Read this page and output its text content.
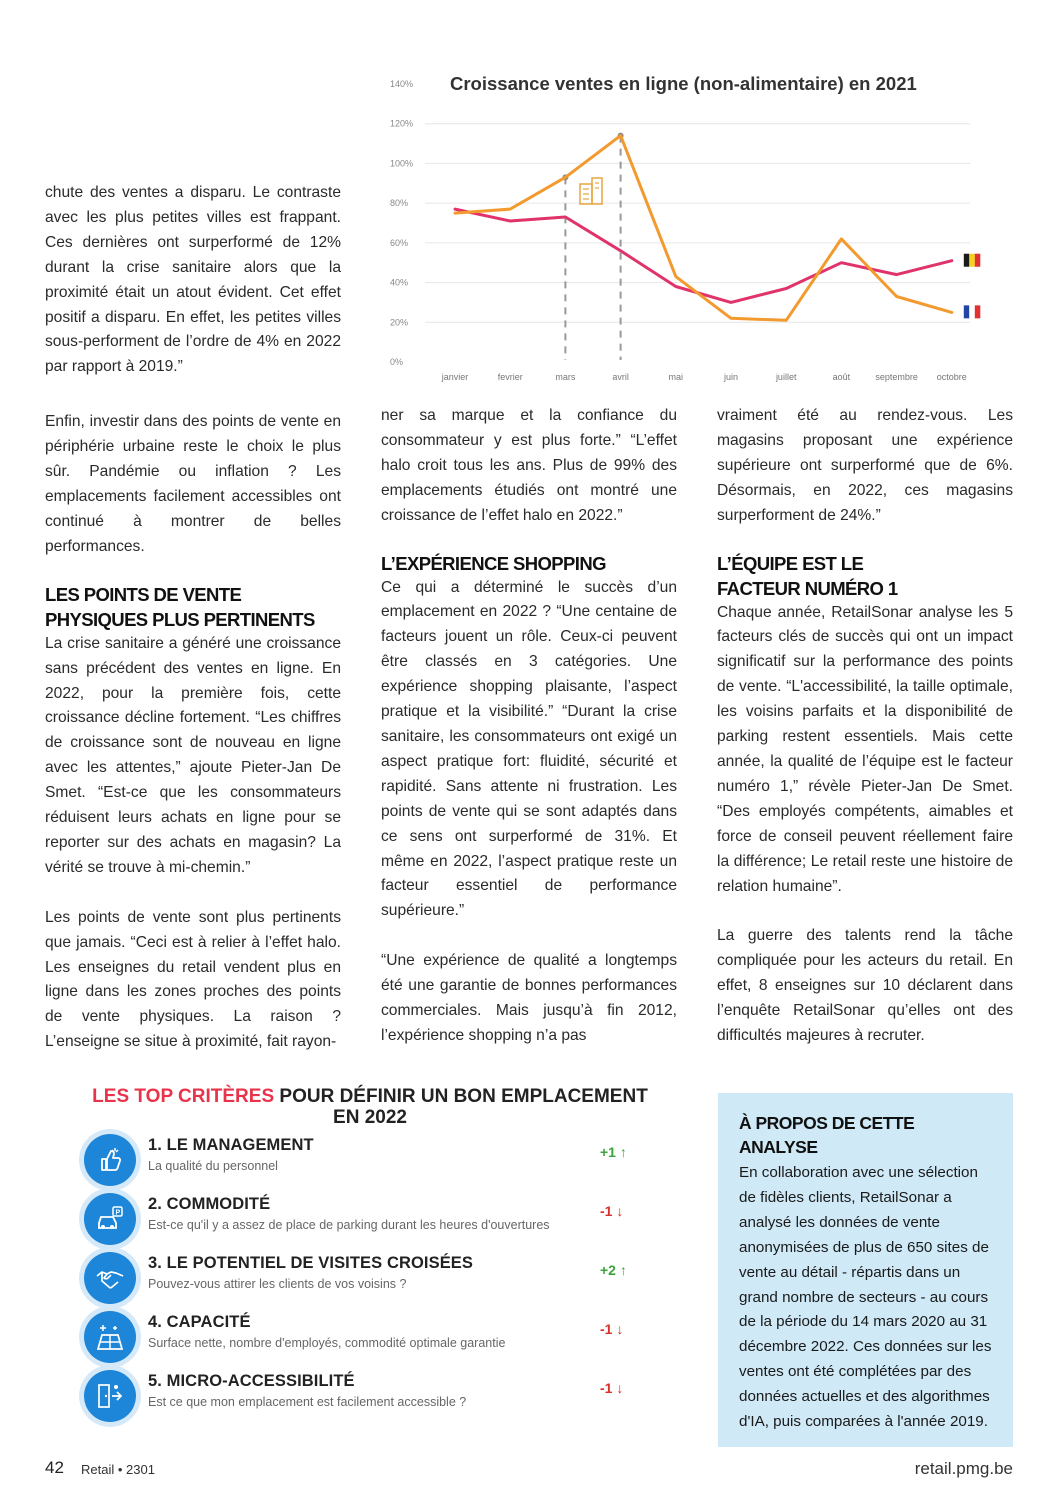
Croissance ventes en ligne (non-alimentaire) en 2021
0%
20%
40%
60%
80%
100%
120%
140%
janvier	fevrier	mars	avril	mai	juin	juillet	août	septembre octobre

chute des ventes a disparu. Le contraste avec les plus petites villes est frappant. Ces dernières ont surperformé de 12% durant la crise sanitaire alors que la proximité était un atout évident. Cet effet positif a disparu. En effet, les petites villes sous-performent de l’ordre de 4% en 2022 par rapport à 2019.”

Enfin, investir dans des points de vente en périphérie urbaine reste le choix le plus sûr. Pandémie ou inflation ? Les emplacements facilement accessibles ont continué à montrer de belles performances.

LES POINTS DE VENTE PHYSIQUES PLUS PERTINENTS

La crise sanitaire a généré une croissance sans précédent des ventes en ligne. En 2022, pour la première fois, cette croissance décline fortement. “Les chiffres de croissance sont de nouveau en ligne avec les attentes,” ajoute Pieter-Jan De Smet. “Est-ce que les consommateurs réduisent leurs achats en ligne pour se reporter sur des achats en magasin? La vérité se trouve à mi-chemin.”

Les points de vente sont plus pertinents que jamais. “Ceci est à relier à l’effet halo. Les enseignes du retail vendent plus en ligne dans les zones proches des points de vente physiques. La raison ? L’enseigne se situe à proximité, fait rayon-

ner sa marque et la confiance du consommateur y est plus forte.” “L’effet halo croit tous les ans. Plus de 99% des emplacements étudiés ont montré une croissance de l’effet halo en 2022.”

L’EXPÉRIENCE SHOPPING

Ce qui a déterminé le succès d’un emplacement en 2022 ? “Une centaine de facteurs jouent un rôle. Ceux-ci peuvent être classés en 3 catégories. Une expérience shopping plaisante, l’aspect pratique et la visibilité.” “Durant la crise sanitaire, les consommateurs ont exigé un aspect pratique fort: fluidité, sécurité et rapidité. Sans attente ni frustration. Les points de vente qui se sont adaptés dans ce sens ont surperformé de 31%. Et même en 2022, l’aspect pratique reste un facteur essentiel de performance supérieure.”

“Une expérience de qualité a longtemps été une garantie de bonnes performances commerciales. Mais jusqu’à fin 2012, l’expérience shopping n’a pas

vraiment été au rendez-vous. Les magasins proposant une expérience supérieure ont surperformé que de 6%. Désormais, en 2022, ces magasins surperforment de 24%.”

L’ÉQUIPE EST LE FACTEUR NUMÉRO 1

Chaque année, RetailSonar analyse les 5 facteurs clés de succès qui ont un impact significatif sur la performance des points de vente. “L'accessibilité, la taille optimale, les voisins parfaits et la disponibilité de parking restent essentiels. Mais cette année, la qualité de l’équipe est le facteur numéro 1,” révèle Pieter-Jan De Smet. “Des employés compétents, aimables et force de conseil peuvent réellement faire la différence; Le retail reste une histoire de relation humaine”.

La guerre des talents rend la tâche compliquée pour les acteurs du retail. En effet, 8 enseignes sur 10 déclarent dans l’enquête RetailSonar qu’elles ont des difficultés majeures à recruter.

LES TOP CRITÈRES POUR DÉFINIR UN BON EMPLACEMENT
EN 2022
1. LE MANAGEMENT
La qualité du personnel
+1 ↑
P 2. COMMODITÉ
Est-ce qu'il y a assez de place de parking durant les heures d'ouvertures
-1 ↓
3. LE POTENTIEL DE VISITES CROISÉES
Pouvez-vous attirer les clients de vos voisins ?
+2 ↑
4. CAPACITÉ
Surface nette, nombre d'employés, commodité optimale garantie
-1 ↓
5. MICRO-ACCESSIBILITÉ
Est ce que mon emplacement est facilement accessible ?
-1 ↓
À PROPOS DE CETTE ANALYSE

En collaboration avec une sélection de fidèles clients, RetailSonar a analysé les données de vente anonymisées de plus de 650 sites de vente au détail - répartis dans un grand nombre de secteurs - au cours de la période du 14 mars 2020 au 31 décembre 2022. Ces données sur les ventes ont été complétées par des données actuelles et des algorithmes d'IA, puis comparées à l'année 2019.

42 Retail • 2301	retail.pmg.be
